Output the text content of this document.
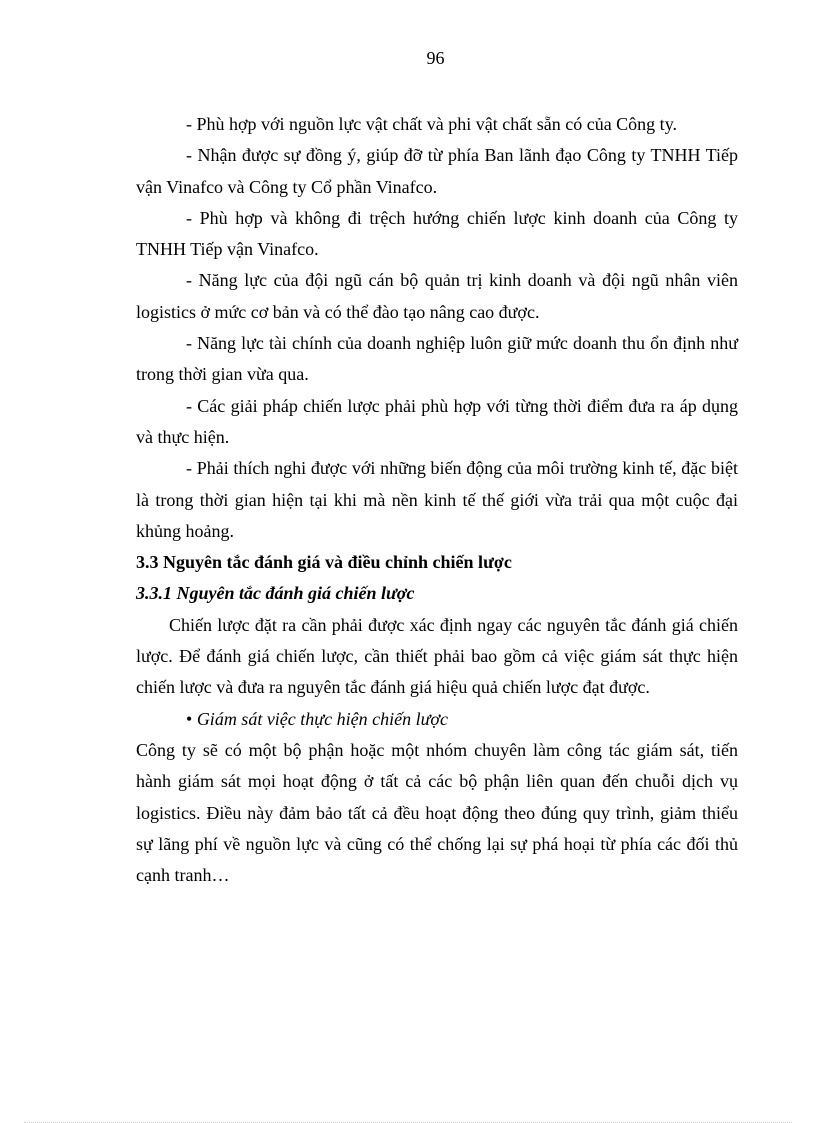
96

- Phù hợp với nguồn lực vật chất và phi vật chất sẵn có của Công ty.

- Nhận được sự đồng ý, giúp đỡ từ phía Ban lãnh đạo Công ty TNHH Tiếp vận Vinafco và Công ty Cổ phần Vinafco.

- Phù hợp và không đi trệch hướng chiến lược kinh doanh của Công ty TNHH Tiếp vận Vinafco.

- Năng lực của đội ngũ cán bộ quản trị kinh doanh và đội ngũ nhân viên logistics ở mức cơ bản và có thể đào tạo nâng cao được.

- Năng lực tài chính của doanh nghiệp luôn giữ mức doanh thu ổn định như trong thời gian vừa qua.

- Các giải pháp chiến lược phải phù hợp với từng thời điểm đưa ra áp dụng và thực hiện.

- Phải thích nghi được với những biến động của môi trường kinh tế, đặc biệt là trong thời gian hiện tại khi mà nền kinh tế thế giới vừa trải qua một cuộc đại khủng hoảng.

3.3 Nguyên tắc đánh giá và điều chỉnh chiến lược

3.3.1 Nguyên tắc đánh giá chiến lược

Chiến lược đặt ra cần phải được xác định ngay các nguyên tắc đánh giá chiến lược. Để đánh giá chiến lược, cần thiết phải bao gồm cả việc giám sát thực hiện chiến lược và đưa ra nguyên tắc đánh giá hiệu quả chiến lược đạt được.

• Giám sát việc thực hiện chiến lược

Công ty sẽ có một bộ phận hoặc một nhóm chuyên làm công tác giám sát, tiến hành giám sát mọi hoạt động ở tất cả các bộ phận liên quan đến chuỗi dịch vụ logistics. Điều này đảm bảo tất cả đều hoạt động theo đúng quy trình, giảm thiểu sự lãng phí về nguồn lực và cũng có thể chống lại sự phá hoại từ phía các đối thủ cạnh tranh…
